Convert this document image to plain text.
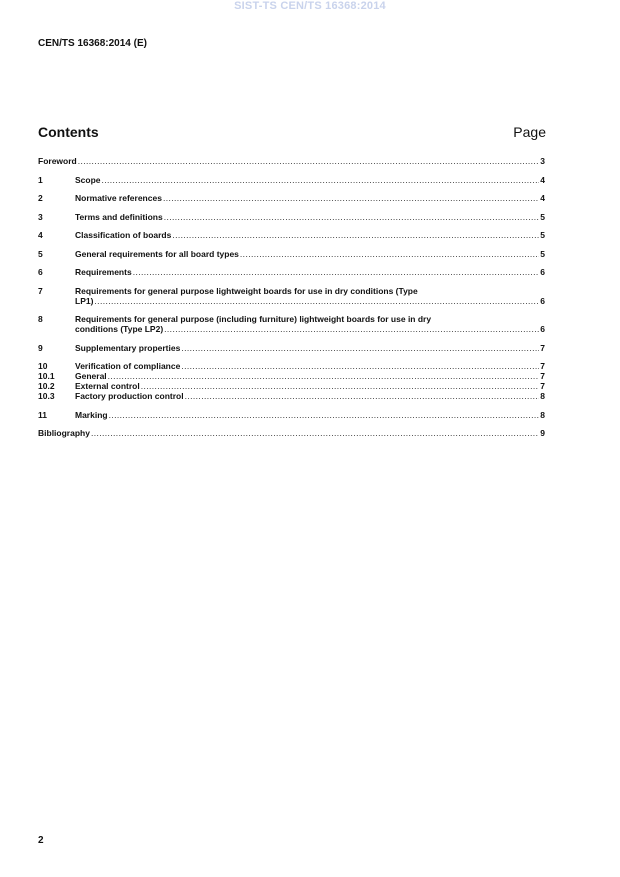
SIST-TS CEN/TS 16368:2014
CEN/TS 16368:2014 (E)
Contents	Page
Foreword .....	3
1	Scope .....	4
2	Normative references .....	4
3	Terms and definitions .....	5
4	Classification of boards .....	5
5	General requirements for all board types .....	5
6	Requirements .....	6
7	Requirements for general purpose lightweight boards for use in dry conditions (Type
LP1) .....	6
8	Requirements for general purpose (including furniture) lightweight boards for use in dry
conditions (Type LP2) .....	6
9	Supplementary properties .....	7
10	Verification of compliance .....	7
10.1 General .....	7
10.2 External control .....	7
10.3 Factory production control .....	8
11	Marking .....	8
Bibliography .....	9
2
